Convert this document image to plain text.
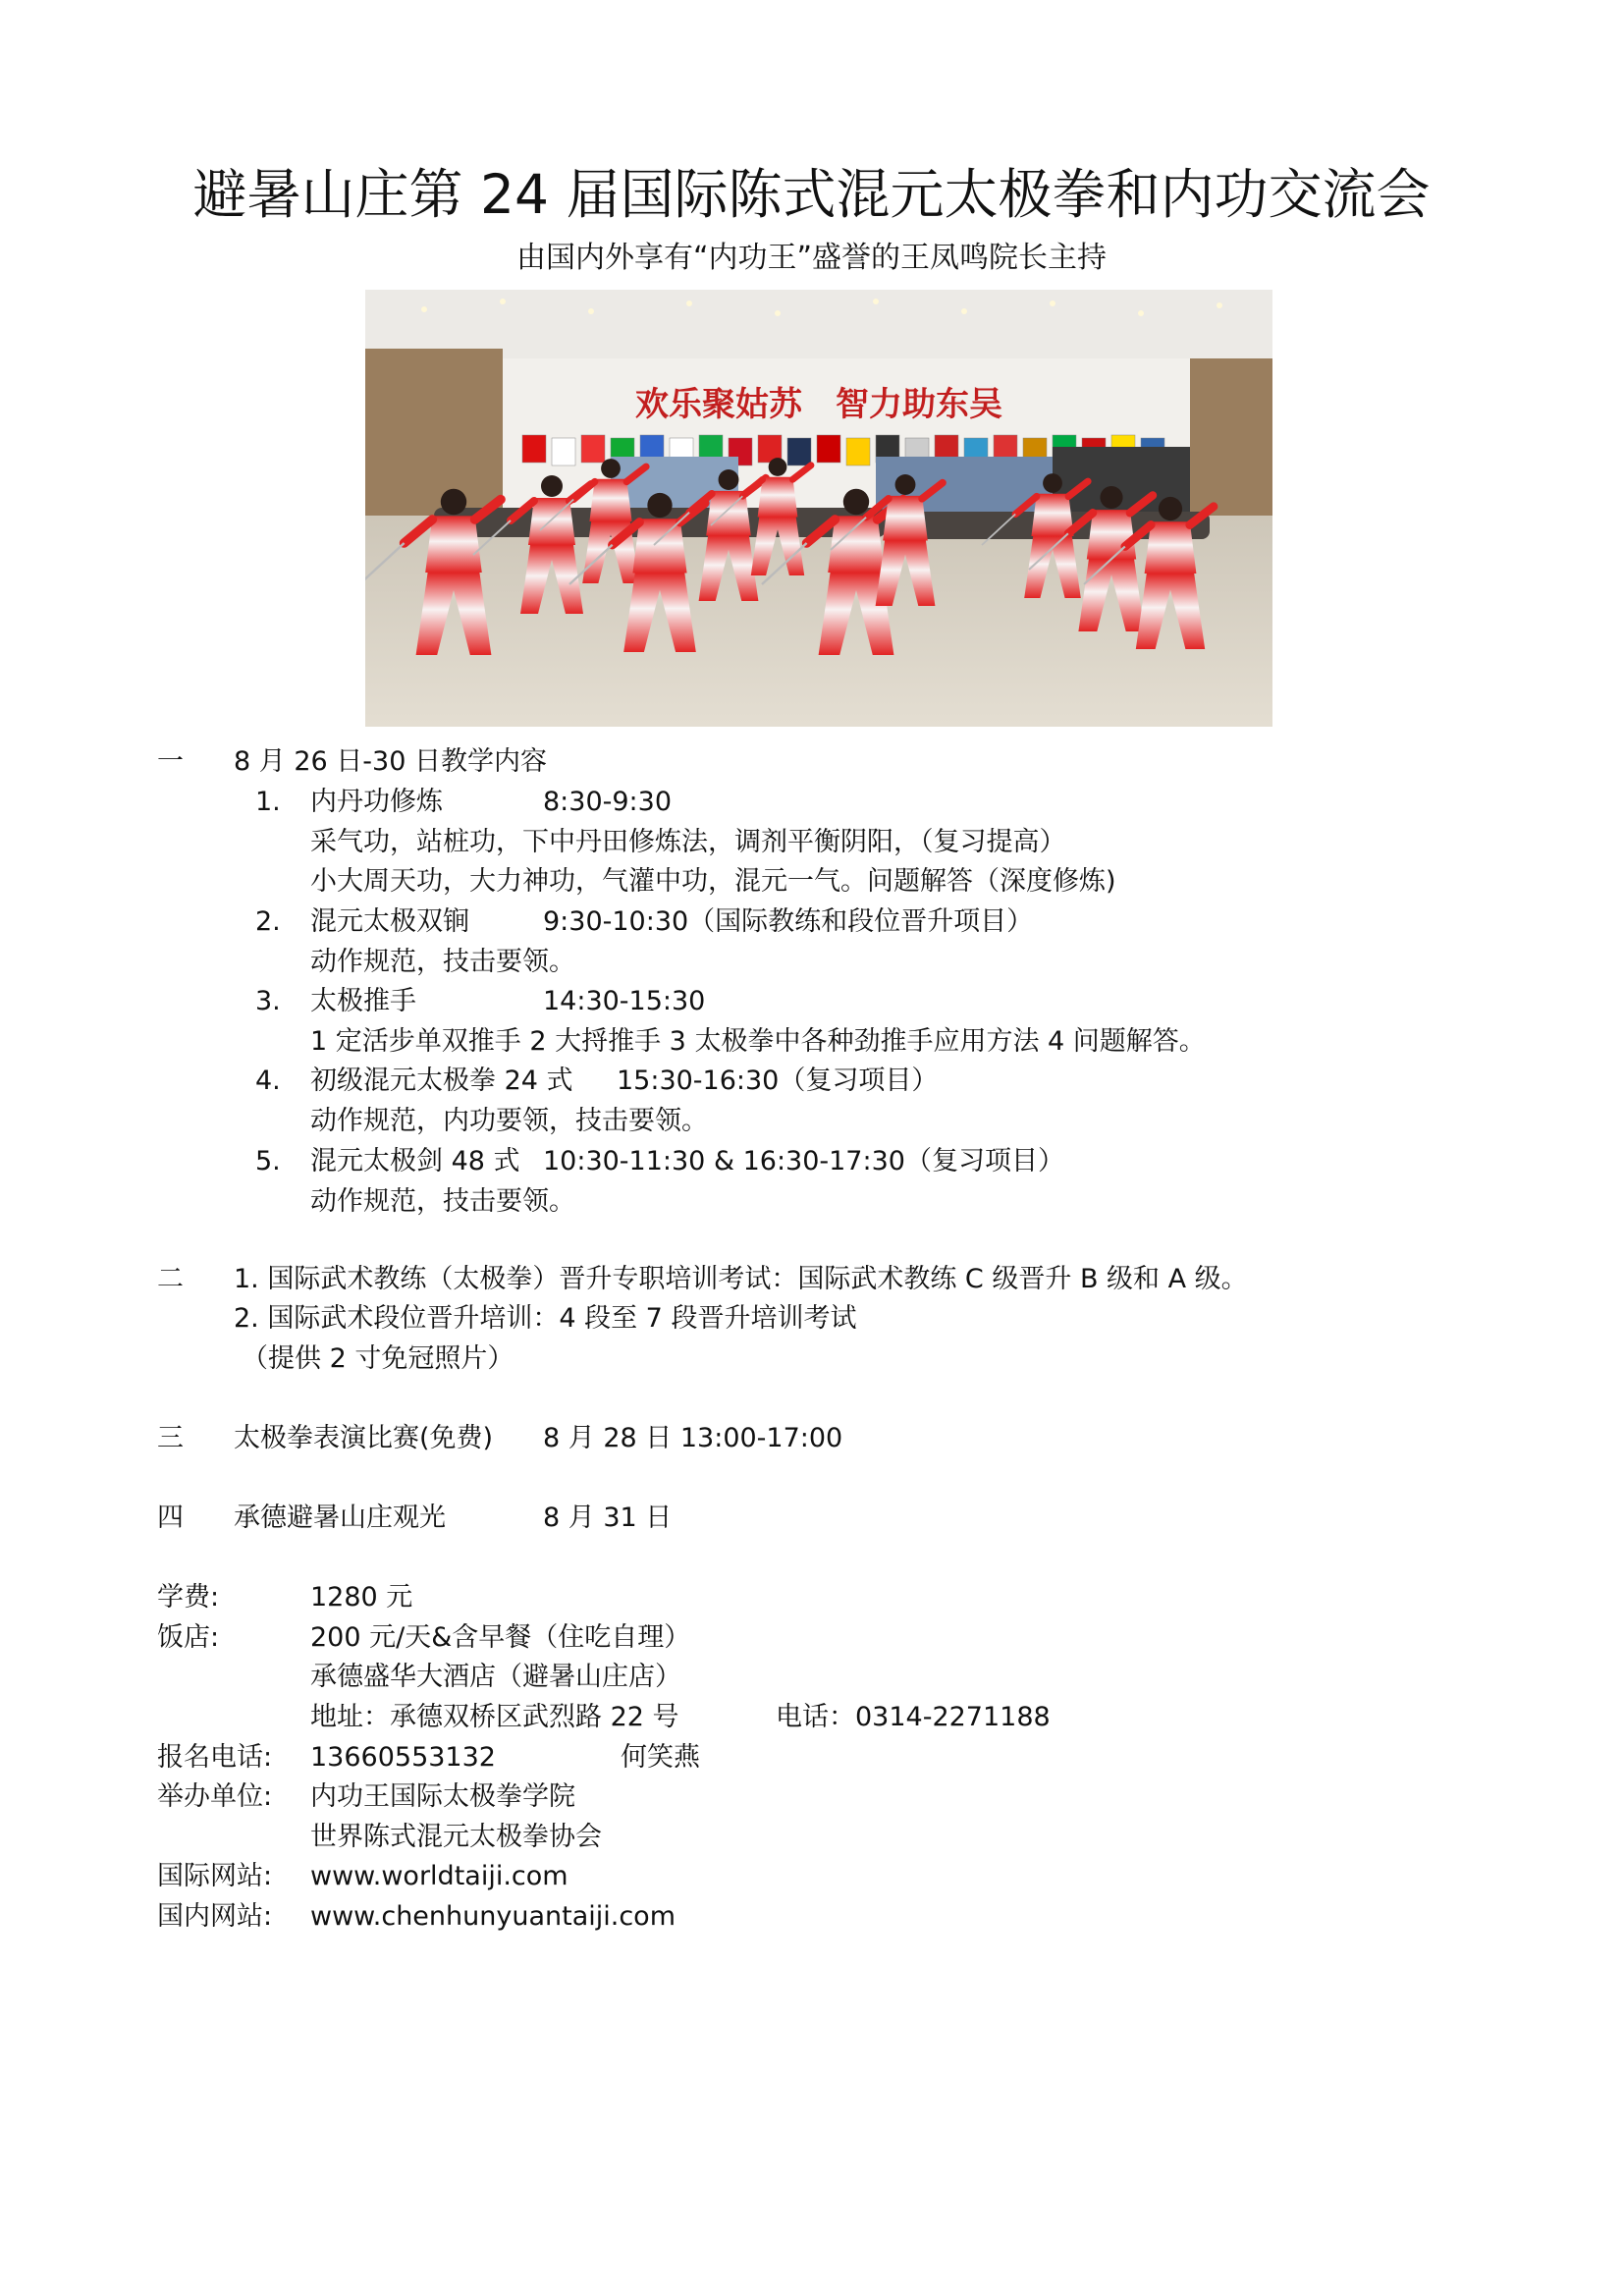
避暑山庄第 24 届国际陈式混元太极拳和内功交流会
由国内外享有“内功王”盛誉的王凤鸣院长主持
欢乐聚姑苏　智力助东吴
一 8 月 26 日-30 日教学内容
1. 内丹功修炼	8:30-9:30
采气功，站桩功，下中丹田修炼法，调剂平衡阴阳，（复习提高）
小大周天功，大力神功，气灌中功，混元一气。问题解答（深度修炼)
2. 混元太极双锏	9:30-10:30（国际教练和段位晋升项目）
动作规范，技击要领。
3. 太极推手	14:30-15:30
1 定活步单双推手 2 大捋推手 3 太极拳中各种劲推手应用方法 4 问题解答。
4. 初级混元太极拳 24 式 15:30-16:30（复习项目）
动作规范，内功要领，技击要领。
5. 混元太极剑 48 式 10:30-11:30 & 16:30-17:30（复习项目）
动作规范，技击要领。
二 1. 国际武术教练（太极拳）晋升专职培训考试：国际武术教练 C 级晋升 B 级和 A 级。
2. 国际武术段位晋升培训：4 段至 7 段晋升培训考试
（提供 2 寸免冠照片）
三 太极拳表演比赛(免费) 8 月 28 日 13:00-17:00
四 承德避暑山庄观光	8 月 31 日
学费:	1280 元
饭店:	200 元/天&含早餐（住吃自理）
承德盛华大酒店（避暑山庄店）
地址：承德双桥区武烈路 22 号	电话：0314-2271188
报名电话: 13660553132	何笑燕
举办单位: 内功王国际太极拳学院
世界陈式混元太极拳协会
国际网站: www.worldtaiji.com
国内网站: www.chenhunyuantaiji.com
